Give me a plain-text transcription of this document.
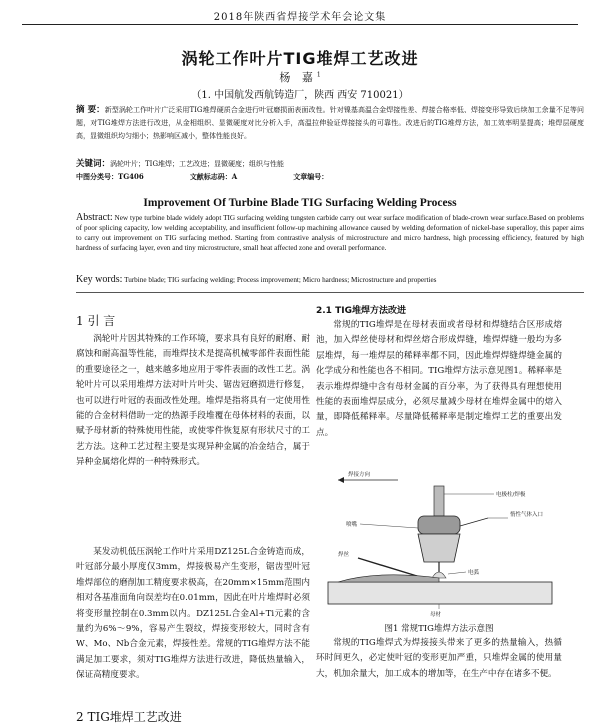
2018年陕西省焊接学术年会论文集
涡轮工作叶片TIG堆焊工艺改进
杨 嘉$^1$
（1. 中国航发西航铸造厂，陕西 西安 710021）
摘 要：新型涡轮工作叶片广泛采用TIG堆焊硬质合金进行叶冠磨损面表面改性。针对镍基高温合金焊接性差、焊接合格率低、焊接变形导致后续加工余量不足等问题，对TIG堆焊方法进行改进，从金相组织、显微硬度对比分析入手，高温拉伸验证焊接接头的可靠性。改进后的TIG堆焊方法，加工效率明显提高；堆焊层硬度高，显微组织均匀细小；热影响区减小，整体性能良好。
关键词：涡轮叶片；TIG堆焊；工艺改进；显微硬度；组织与性能
中图分类号：TG406	文献标志码：A	文章编号：
Improvement Of Turbine Blade TIG Surfacing Welding Process
Abstract: New type turbine blade widely adopt TIG surfacing welding tungsten carbide carry out wear surface modification of blade-crown wear surface.Based on problems of poor splicing capacity, low welding acceptability, and insufficient follow-up machining allowance caused by welding deformation of nickel-base superalloy, this paper aims to carry out improvement on TIG surfacing method. Starting from contrastive analysis of microstructure and micro hardness, high processing efficiency, featured by high hardness of surfacing layer, even and tiny microstructure, small heat affected zone and overall performance.
Key words: Turbine blade; TIG surfacing welding; Process improvement; Micro hardness; Microstructure and properties
1 引 言
涡轮叶片因其特殊的工作环境，要求具有良好的耐磨、耐腐蚀和耐高温等性能，而堆焊技术是提高机械零部件表面性能的重要途径之一，越来越多地应用于零件表面的改性工艺。涡轮叶片可以采用堆焊方法对叶片叶尖、锯齿冠磨损进行修复，也可以进行叶冠的表面改性处理。堆焊是指将具有一定使用性能的合金材料借助一定的热源手段堆覆在母体材料的表面，以赋予母材新的特殊使用性能，或使零件恢复原有形状尺寸的工艺方法。这种工艺过程主要是实现异种金属的冶金结合，属于异种金属熔化焊的一种特殊形式。
某发动机低压涡轮工作叶片采用DZ125L合金铸造而成，叶冠部分最小厚度仅3mm，焊接极易产生变形，锯齿型叶冠堆焊部位的磨削加工精度要求极高，在20mm×15mm范围内相对各基准面角向误差均在0.01mm，因此在叶片堆焊时必须将变形量控制在0.3mm以内。DZ125L合金Al+Ti元素的含量约为6%～9%，容易产生裂纹，焊接变形较大，同时含有W、Mo、Nb合金元素，焊接性差。常规的TIG堆焊方法不能满足加工要求，须对TIG堆焊方法进行改进，降低热量输入，保证高精度要求。
2 TIG堆焊工艺改进
2.1 TIG堆焊方法改进
常规的TIG堆焊是在母材表面或者母材和焊缝结合区形成熔池，加入焊丝使母材和焊丝熔合形成焊缝，堆焊焊缝一般均为多层堆焊，每一堆焊层的稀释率都不同，因此堆焊焊缝焊缝金属的化学成分和性能也各不相同。TIG堆焊方法示意见图1。稀释率是表示堆焊焊缝中含有母材金属的百分率，为了获得具有理想使用性能的表面堆焊层成分，必须尽量减少母材在堆焊金属中的熔入量，即降低稀释率。尽量降低稀释率是制定堆焊工艺的重要出发点。
焊接方向
电极柱/焊极
惰性气体入口
喷嘴
焊丝
电弧
母材
图1 常规TIG堆焊方法示意图
常规的TIG堆焊式为焊接接头带来了更多的热量输入，热循环时间更久，必定使叶冠的变形更加严重，只堆焊金属的使用量大，机加余量大，加工成本的增加等，在生产中存在诸多不便。
